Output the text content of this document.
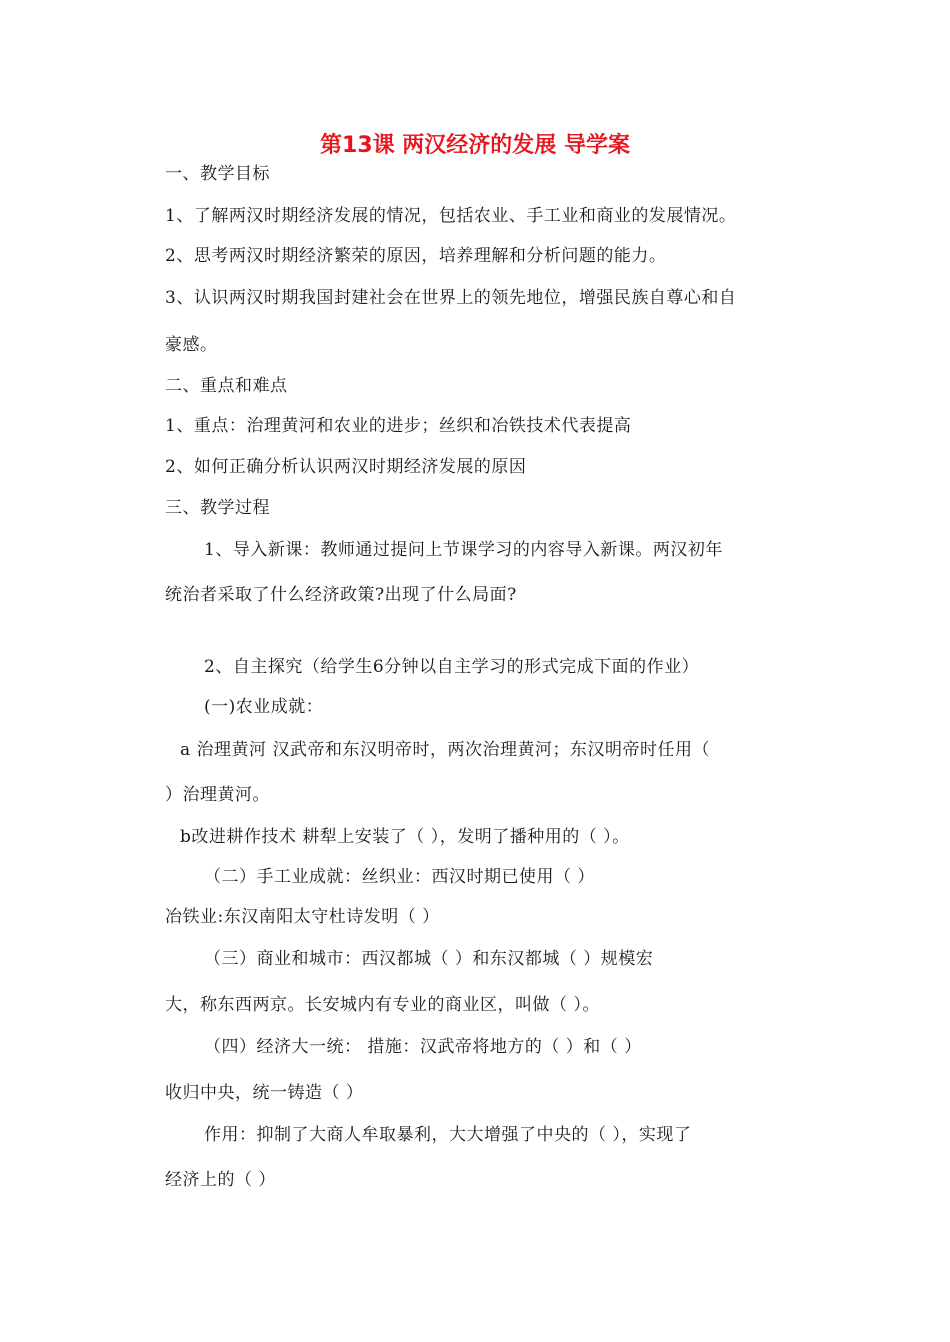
第13课 两汉经济的发展 导学案
一、教学目标
1、了解两汉时期经济发展的情况，包括农业、手工业和商业的发展情况。
2、思考两汉时期经济繁荣的原因，培养理解和分析问题的能力。
3、认识两汉时期我国封建社会在世界上的领先地位，增强民族自尊心和自
豪感。
二、重点和难点
1、重点：治理黄河和农业的进步；丝织和冶铁技术代表提高
2、如何正确分析认识两汉时期经济发展的原因
三、教学过程
1、导入新课：教师通过提问上节课学习的内容导入新课。两汉初年
统治者采取了什么经济政策?出现了什么局面?
2、自主探究（给学生6分钟以自主学习的形式完成下面的作业）
(一)农业成就：
a 治理黄河 汉武帝和东汉明帝时，两次治理黄河；东汉明帝时任用（
）治理黄河。
b改进耕作技术 耕犁上安装了（ ），发明了播种用的（ ）。
（二）手工业成就：丝织业：西汉时期已使用（ ）
冶铁业:东汉南阳太守杜诗发明（ ）
（三）商业和城市：西汉都城（ ）和东汉都城（ ）规模宏
大，称东西两京。长安城内有专业的商业区，叫做（ ）。
（四）经济大一统： 措施：汉武帝将地方的（ ）和（ ）
收归中央，统一铸造（ ）
作用：抑制了大商人牟取暴利，大大增强了中央的（ ），实现了
经济上的（ ）
